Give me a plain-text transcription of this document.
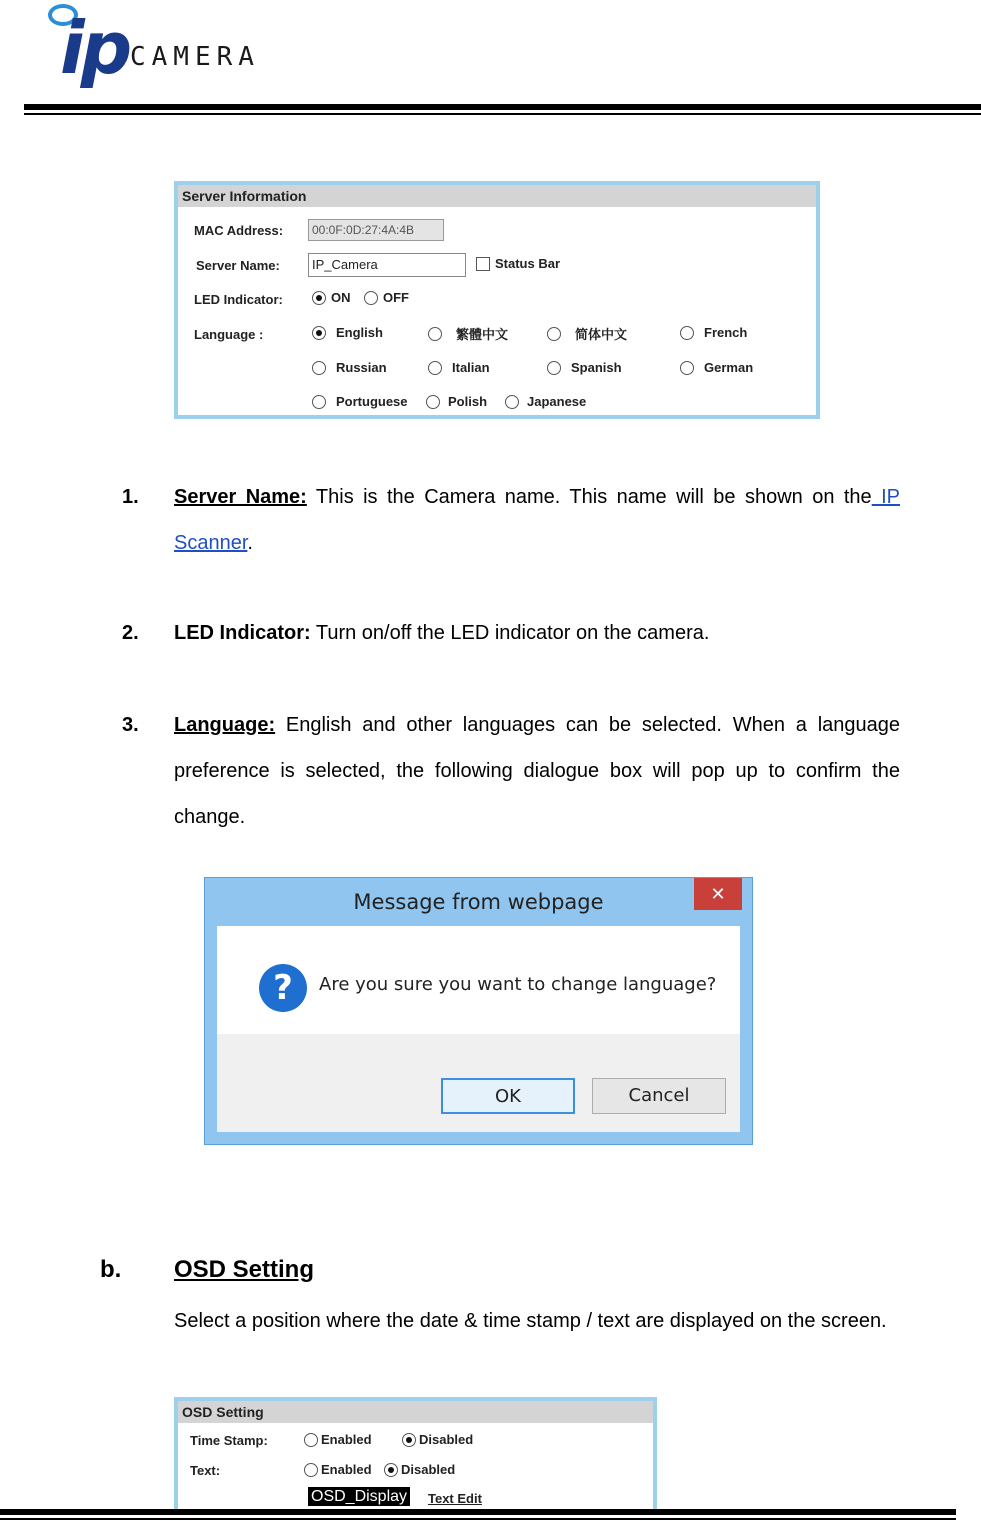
ip CAMERA
Server Information
MAC Address:	00:0F:0D:27:4A:4B
Server Name:	IP_Camera	Status Bar
LED Indicator:	ON	OFF
Language :	English	繁體中文	简体中文	French
Russian	Italian	Spanish	German
Portuguese	Polish	Japanese
1. Server Name: This is the Camera name. This name will be shown on the IP Scanner.
2. LED Indicator: Turn on/off the LED indicator on the camera.
3. Language: English and other languages can be selected. When a language preference is selected, the following dialogue box will pop up to confirm the change.
Message from webpage	✕
?	Are you sure you want to change language?
OK	Cancel
b. OSD Setting
Select a position where the date & time stamp / text are displayed on the screen.
OSD Setting
Time Stamp:	Enabled	Disabled
Text:	Enabled	Disabled
OSD_Display Text Edit
